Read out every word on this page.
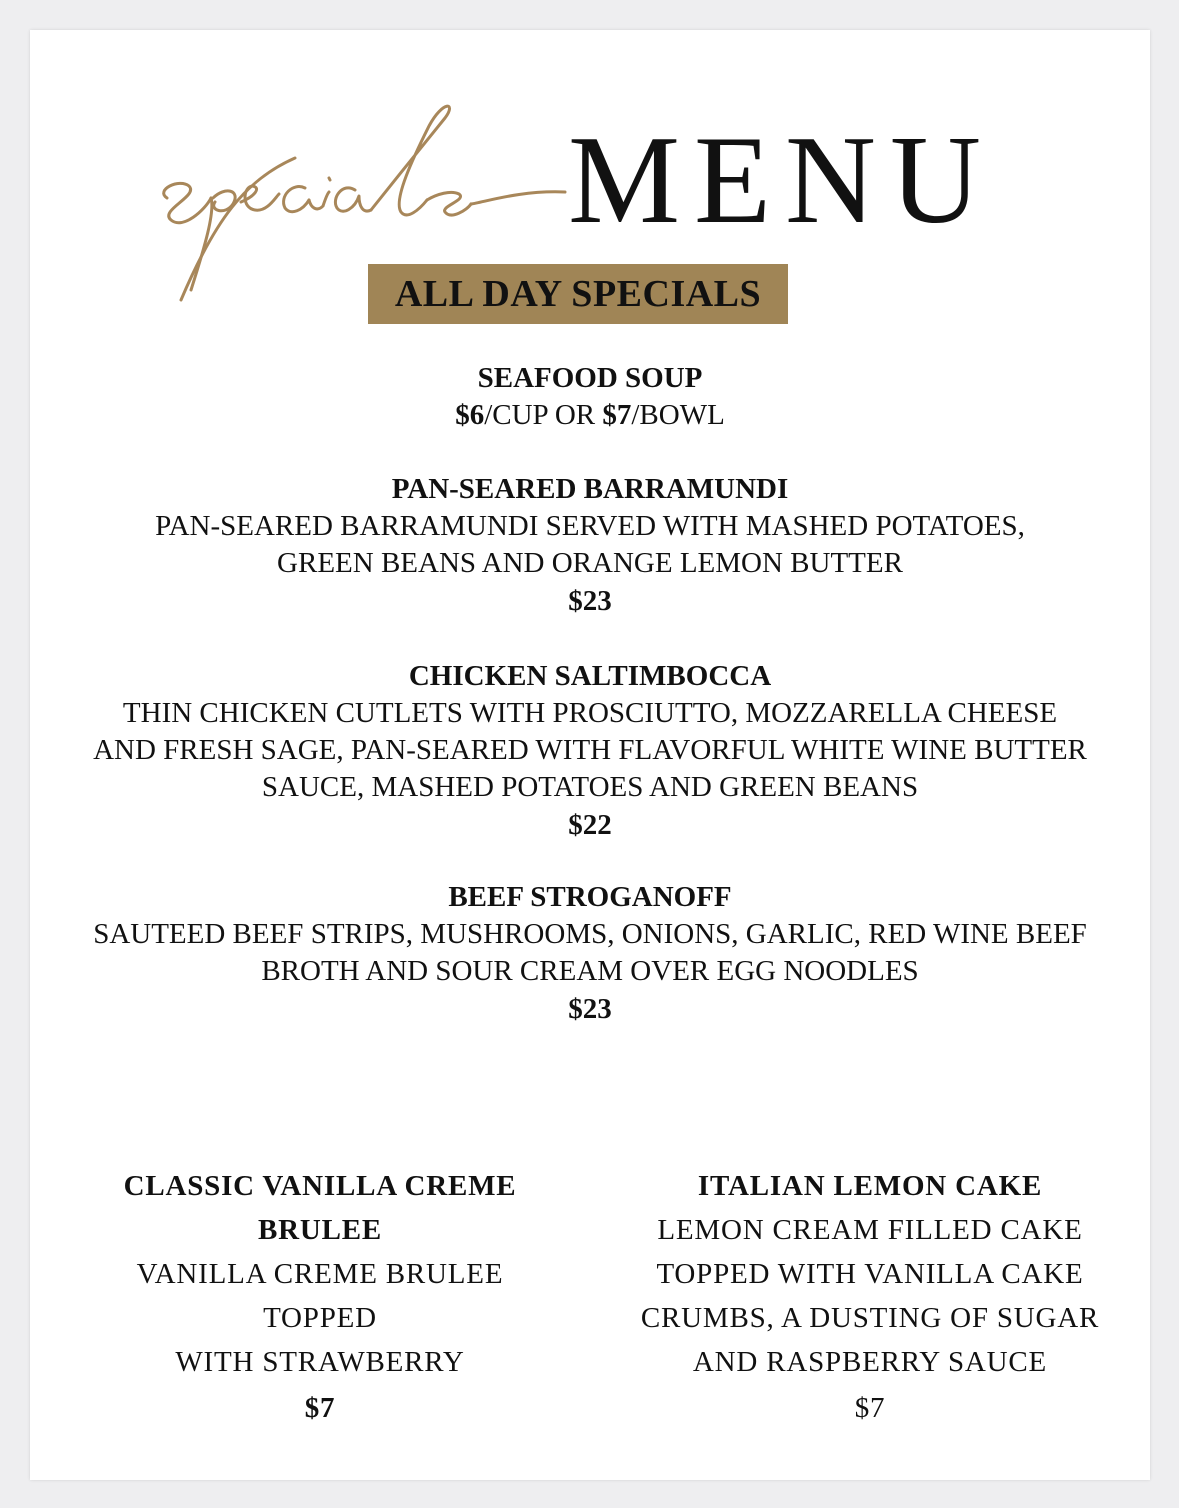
MENU
ALL DAY SPECIALS
SEAFOOD SOUP
$6/CUP OR $7/BOWL
PAN-SEARED BARRAMUNDI
PAN-SEARED BARRAMUNDI SERVED WITH MASHED POTATOES,
GREEN BEANS AND ORANGE LEMON BUTTER
$23
CHICKEN SALTIMBOCCA
THIN CHICKEN CUTLETS WITH PROSCIUTTO, MOZZARELLA CHEESE
AND FRESH SAGE, PAN-SEARED WITH FLAVORFUL WHITE WINE BUTTER
SAUCE, MASHED POTATOES AND GREEN BEANS
$22
BEEF STROGANOFF
SAUTEED BEEF STRIPS, MUSHROOMS, ONIONS, GARLIC, RED WINE BEEF
BROTH AND SOUR CREAM OVER EGG NOODLES
$23
CLASSIC VANILLA CREME
BRULEE
VANILLA CREME BRULEE
TOPPED
WITH STRAWBERRY
$7
ITALIAN LEMON CAKE
LEMON CREAM FILLED CAKE
TOPPED WITH VANILLA CAKE
CRUMBS, A DUSTING OF SUGAR
AND RASPBERRY SAUCE
$7
